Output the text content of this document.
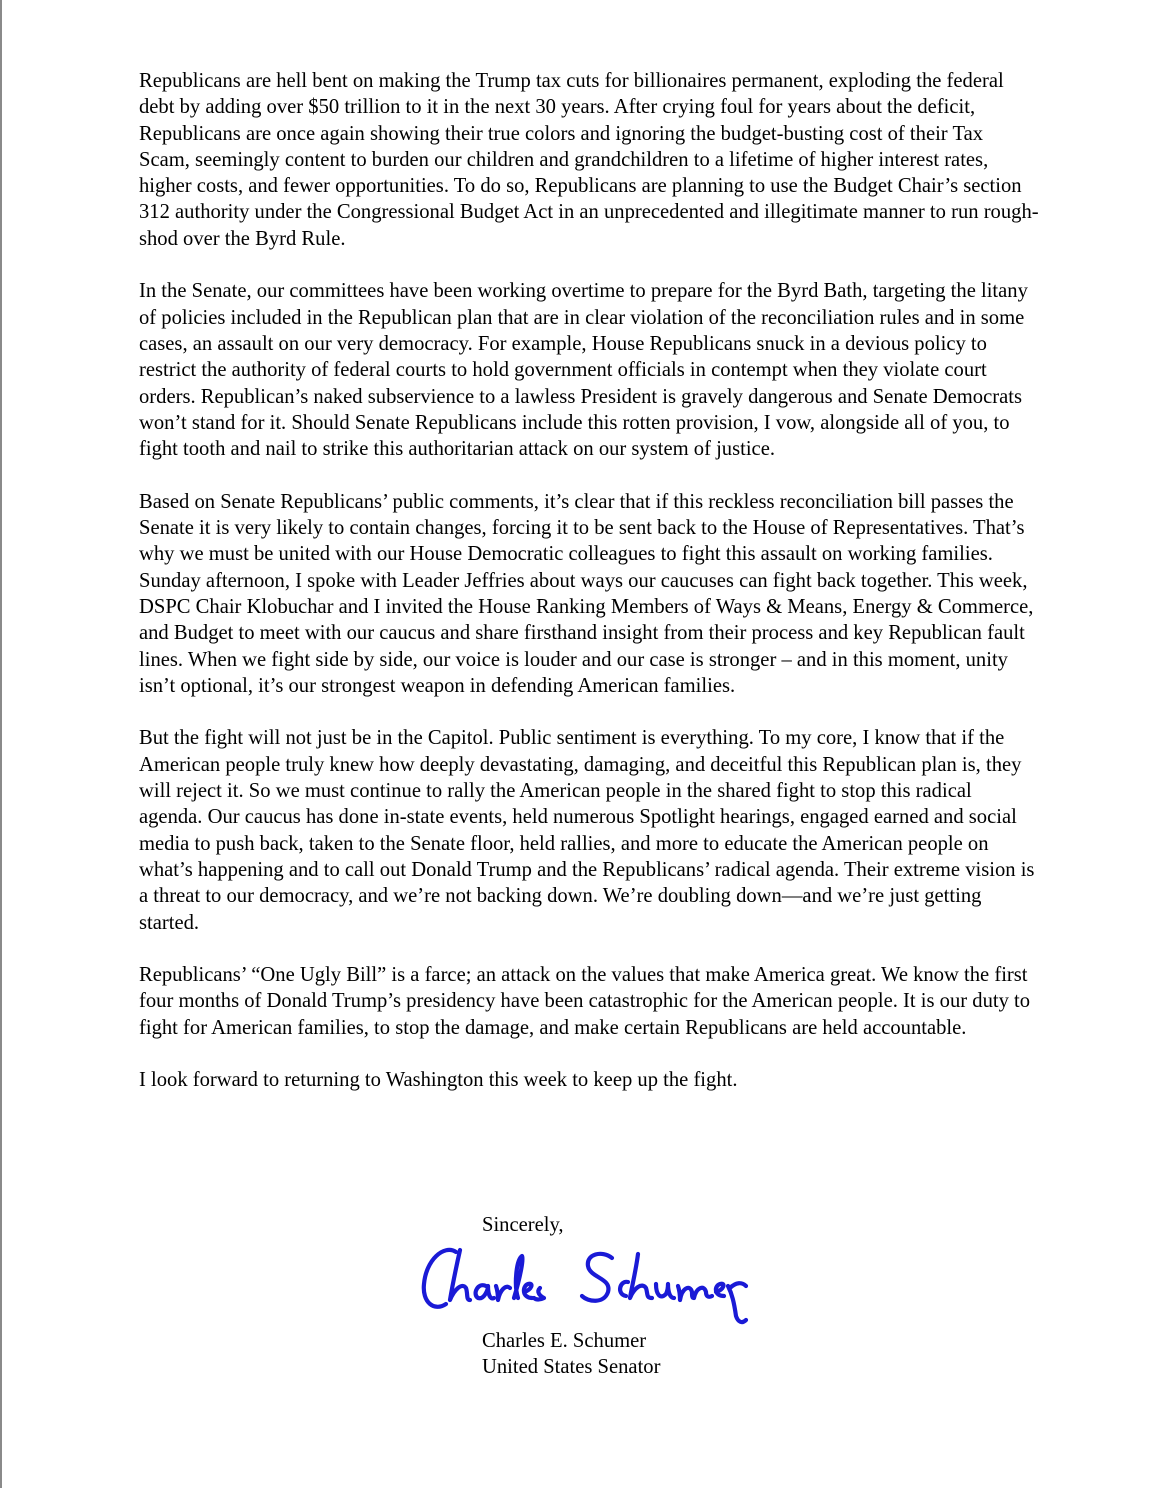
Republicans are hell bent on making the Trump tax cuts for billionaires permanent, exploding the federal debt by adding over $50 trillion to it in the next 30 years. After crying foul for years about the deficit, Republicans are once again showing their true colors and ignoring the budget-busting cost of their Tax Scam, seemingly content to burden our children and grandchildren to a lifetime of higher interest rates, higher costs, and fewer opportunities. To do so, Republicans are planning to use the Budget Chair’s section 312 authority under the Congressional Budget Act in an unprecedented and illegitimate manner to run rough-shod over the Byrd Rule.

In the Senate, our committees have been working overtime to prepare for the Byrd Bath, targeting the litany of policies included in the Republican plan that are in clear violation of the reconciliation rules and in some cases, an assault on our very democracy. For example, House Republicans snuck in a devious policy to restrict the authority of federal courts to hold government officials in contempt when they violate court orders. Republican’s naked subservience to a lawless President is gravely dangerous and Senate Democrats won’t stand for it. Should Senate Republicans include this rotten provision, I vow, alongside all of you, to fight tooth and nail to strike this authoritarian attack on our system of justice.

Based on Senate Republicans’ public comments, it’s clear that if this reckless reconciliation bill passes the Senate it is very likely to contain changes, forcing it to be sent back to the House of Representatives. That’s why we must be united with our House Democratic colleagues to fight this assault on working families. Sunday afternoon, I spoke with Leader Jeffries about ways our caucuses can fight back together. This week, DSPC Chair Klobuchar and I invited the House Ranking Members of Ways & Means, Energy & Commerce, and Budget to meet with our caucus and share firsthand insight from their process and key Republican fault lines. When we fight side by side, our voice is louder and our case is stronger – and in this moment, unity isn’t optional, it’s our strongest weapon in defending American families.

But the fight will not just be in the Capitol. Public sentiment is everything. To my core, I know that if the American people truly knew how deeply devastating, damaging, and deceitful this Republican plan is, they will reject it. So we must continue to rally the American people in the shared fight to stop this radical agenda. Our caucus has done in-state events, held numerous Spotlight hearings, engaged earned and social media to push back, taken to the Senate floor, held rallies, and more to educate the American people on what’s happening and to call out Donald Trump and the Republicans’ radical agenda. Their extreme vision is a threat to our democracy, and we’re not backing down. We’re doubling down—and we’re just getting started.

Republicans’ “One Ugly Bill” is a farce; an attack on the values that make America great. We know the first four months of Donald Trump’s presidency have been catastrophic for the American people. It is our duty to fight for American families, to stop the damage, and make certain Republicans are held accountable.

I look forward to returning to Washington this week to keep up the fight.

Sincerely,
Charles E. Schumer
United States Senator
